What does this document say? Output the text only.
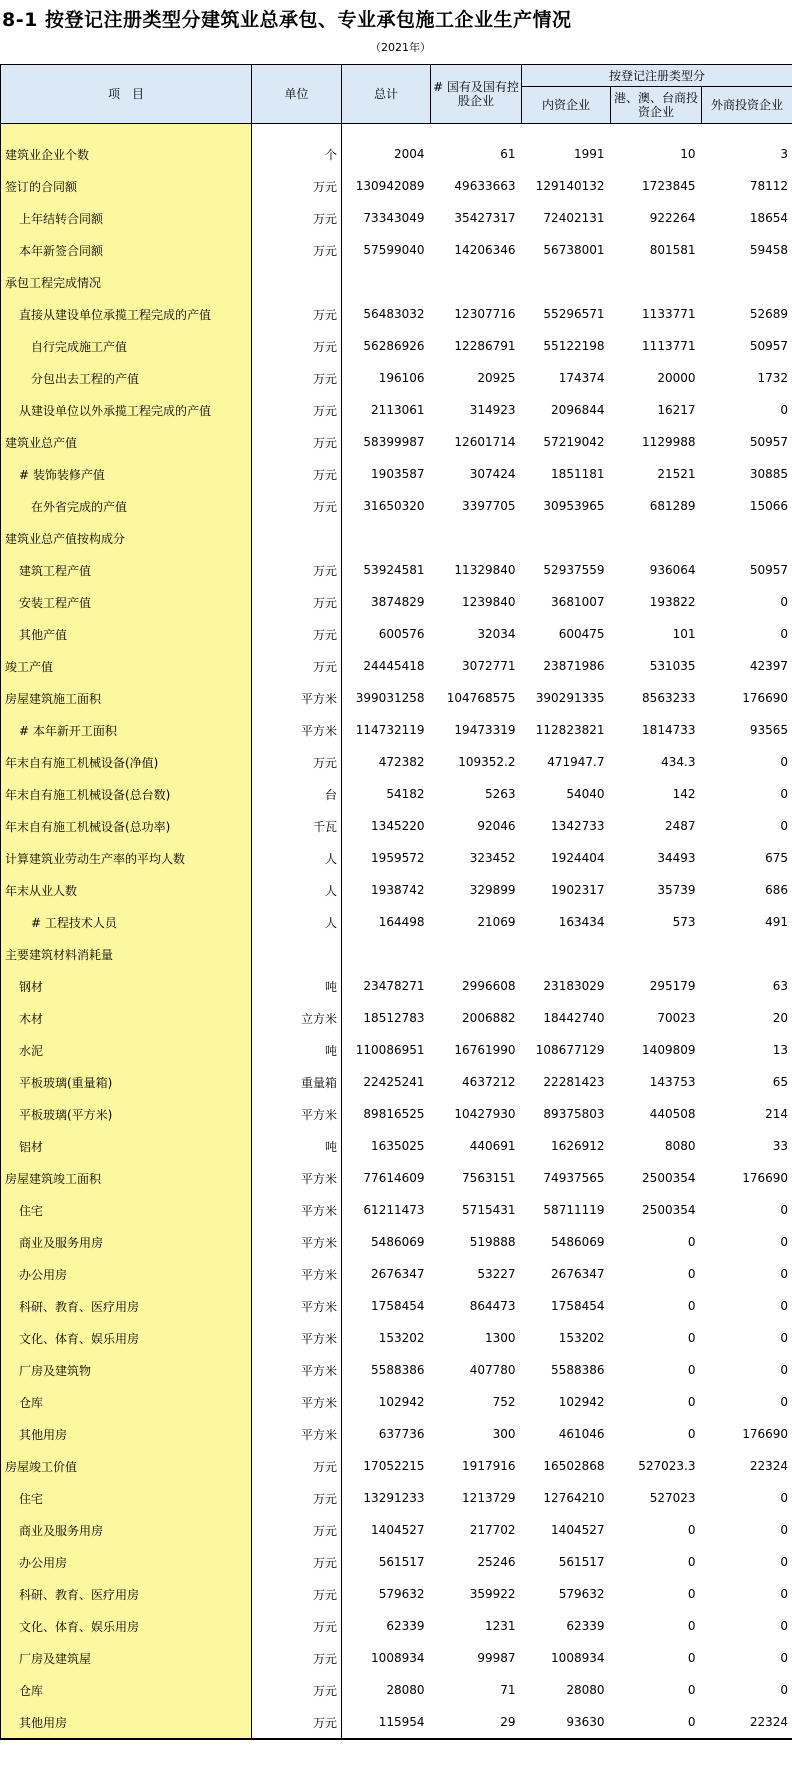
8-1 按登记注册类型分建筑业总承包、专业承包施工企业生产情况
（2021年）
项　目	单位	总计	# 国有及国有控股企业	按登记注册类型分		
				内资企业	港、澳、台商投资企业	外商投资企业

建筑业企业个数	个	2004	61	1991	10	3
签订的合同额	万元	130942089	49633663	129140132	1723845	78112
上年结转合同额	万元	73343049	35427317	72402131	922264	18654
本年新签合同额	万元	57599040	14206346	56738001	801581	59458
承包工程完成情况						
直接从建设单位承揽工程完成的产值	万元	56483032	12307716	55296571	1133771	52689
自行完成施工产值	万元	56286926	12286791	55122198	1113771	50957
分包出去工程的产值	万元	196106	20925	174374	20000	1732
从建设单位以外承揽工程完成的产值	万元	2113061	314923	2096844	16217	0
建筑业总产值	万元	58399987	12601714	57219042	1129988	50957
# 装饰装修产值	万元	1903587	307424	1851181	21521	30885
在外省完成的产值	万元	31650320	3397705	30953965	681289	15066
建筑业总产值按构成分						
建筑工程产值	万元	53924581	11329840	52937559	936064	50957
安装工程产值	万元	3874829	1239840	3681007	193822	0
其他产值	万元	600576	32034	600475	101	0
竣工产值	万元	24445418	3072771	23871986	531035	42397
房屋建筑施工面积	平方米	399031258	104768575	390291335	8563233	176690
# 本年新开工面积	平方米	114732119	19473319	112823821	1814733	93565
年末自有施工机械设备(净值)	万元	472382	109352.2	471947.7	434.3	0
年末自有施工机械设备(总台数)	台	54182	5263	54040	142	0
年末自有施工机械设备(总功率)	千瓦	1345220	92046	1342733	2487	0
计算建筑业劳动生产率的平均人数	人	1959572	323452	1924404	34493	675
年末从业人数	人	1938742	329899	1902317	35739	686
# 工程技术人员	人	164498	21069	163434	573	491
主要建筑材料消耗量						
钢材	吨	23478271	2996608	23183029	295179	63
木材	立方米	18512783	2006882	18442740	70023	20
水泥	吨	110086951	16761990	108677129	1409809	13
平板玻璃(重量箱)	重量箱	22425241	4637212	22281423	143753	65
平板玻璃(平方米)	平方米	89816525	10427930	89375803	440508	214
铝材	吨	1635025	440691	1626912	8080	33
房屋建筑竣工面积	平方米	77614609	7563151	74937565	2500354	176690
住宅	平方米	61211473	5715431	58711119	2500354	0
商业及服务用房	平方米	5486069	519888	5486069	0	0
办公用房	平方米	2676347	53227	2676347	0	0
科研、教育、医疗用房	平方米	1758454	864473	1758454	0	0
文化、体育、娱乐用房	平方米	153202	1300	153202	0	0
厂房及建筑物	平方米	5588386	407780	5588386	0	0
仓库	平方米	102942	752	102942	0	0
其他用房	平方米	637736	300	461046	0	176690
房屋竣工价值	万元	17052215	1917916	16502868	527023.3	22324
住宅	万元	13291233	1213729	12764210	527023	0
商业及服务用房	万元	1404527	217702	1404527	0	0
办公用房	万元	561517	25246	561517	0	0
科研、教育、医疗用房	万元	579632	359922	579632	0	0
文化、体育、娱乐用房	万元	62339	1231	62339	0	0
厂房及建筑屋	万元	1008934	99987	1008934	0	0
仓库	万元	28080	71	28080	0	0
其他用房	万元	115954	29	93630	0	22324
